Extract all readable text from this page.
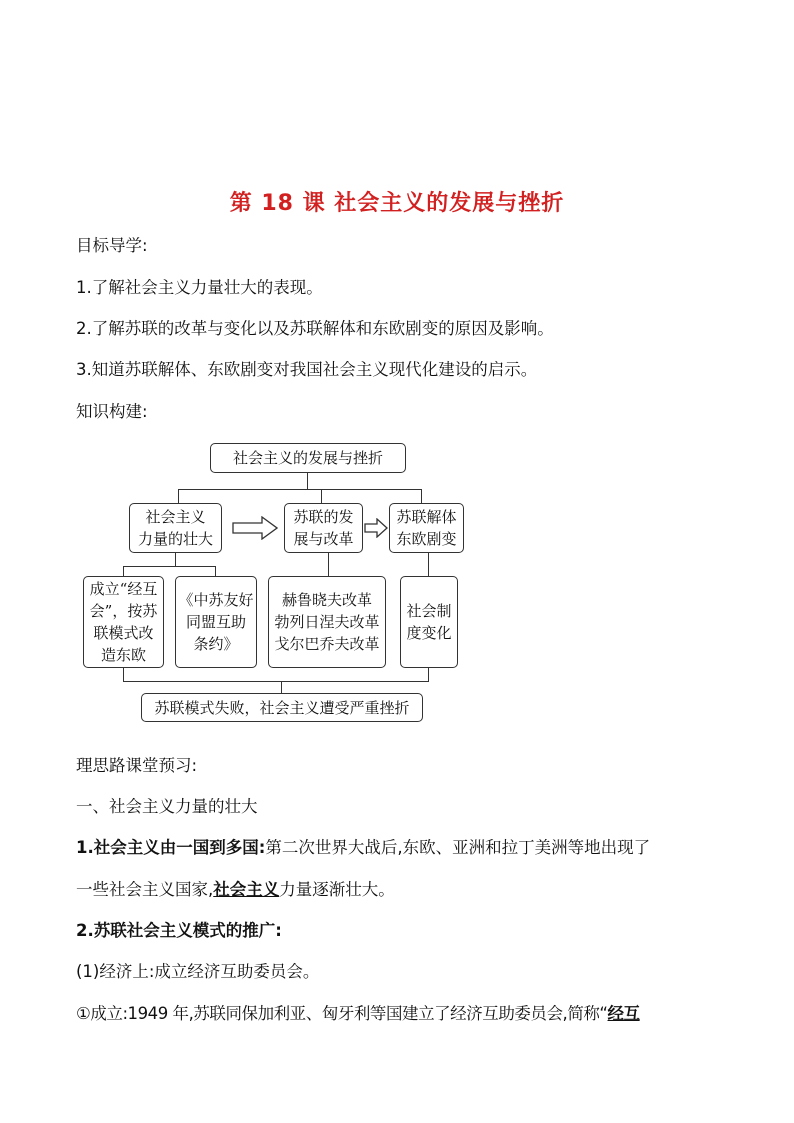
第 18 课 社会主义的发展与挫折
目标导学:
1.了解社会主义力量壮大的表现。
2.了解苏联的改革与变化以及苏联解体和东欧剧变的原因及影响。
3.知道苏联解体、东欧剧变对我国社会主义现代化建设的启示。
知识构建:
社会主义的发展与挫折
社会主义
力量的壮大
苏联的发
展与改革
苏联解体
东欧剧变
成立“经互
会”，按苏
联模式改
造东欧
《中苏友好
同盟互助
条约》
赫鲁晓夫改革
勃列日涅夫改革
戈尔巴乔夫改革
社会制
度变化
苏联模式失败，社会主义遭受严重挫折
理思路课堂预习:
一、社会主义力量的壮大
1.社会主义由一国到多国:第二次世界大战后,东欧、亚洲和拉丁美洲等地出现了
一些社会主义国家,社会主义力量逐渐壮大。
2.苏联社会主义模式的推广:
(1)经济上:成立经济互助委员会。
①成立:1949 年,苏联同保加利亚、匈牙利等国建立了经济互助委员会,简称“经互
